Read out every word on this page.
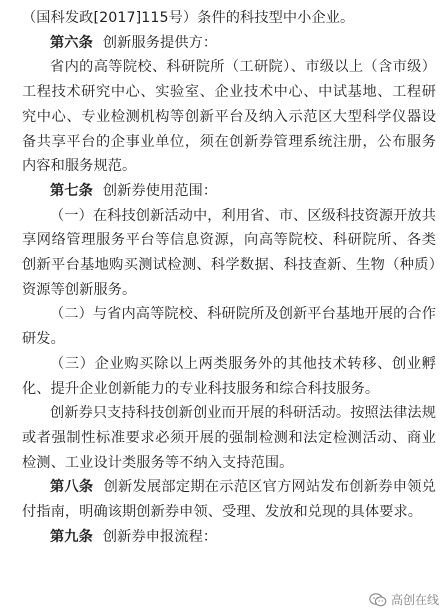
（国科发政[2017]115号）条件的科技型中小企业。

第六条 创新服务提供方：

省内的高等院校、科研院所（工研院）、市级以上（含市级）工程技术研究中心、实验室、企业技术中心、中试基地、工程研究中心、专业检测机构等创新平台及纳入示范区大型科学仪器设备共享平台的企事业单位，须在创新券管理系统注册，公布服务内容和服务规范。

第七条 创新券使用范围：

（一）在科技创新活动中，利用省、市、区级科技资源开放共享网络管理服务平台等信息资源，向高等院校、科研院所、各类创新平台基地购买测试检测、科学数据、科技查新、生物（种质）资源等创新服务。

（二）与省内高等院校、科研院所及创新平台基地开展的合作研发。

（三）企业购买除以上两类服务外的其他技术转移、创业孵化、提升企业创新能力的专业科技服务和综合科技服务。

创新券只支持科技创新创业而开展的科研活动。按照法律法规或者强制性标准要求必须开展的强制检测和法定检测活动、商业检测、工业设计类服务等不纳入支持范围。

第八条 创新发展部定期在示范区官方网站发布创新券申领兑付指南，明确该期创新券申领、受理、发放和兑现的具体要求。

第九条 创新券申报流程：

高创在线
